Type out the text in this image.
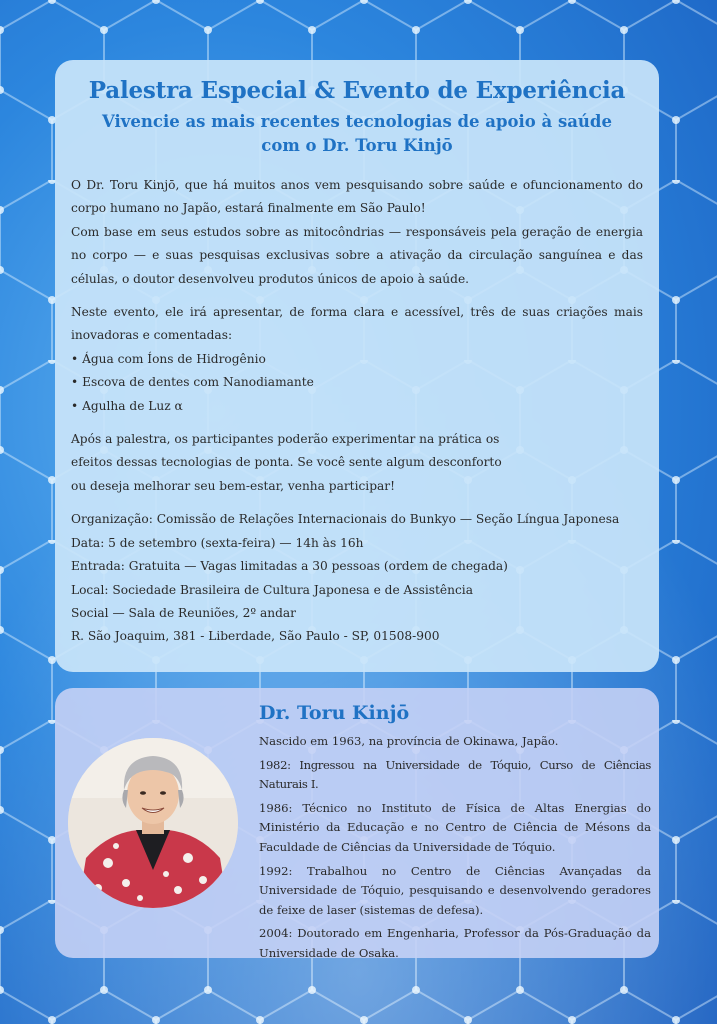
Palestra Especial & Evento de Experiência
Vivencie as mais recentes tecnologias de apoio à saúde
com o Dr. Toru Kinjō

O Dr. Toru Kinjō, que há muitos anos vem pesquisando sobre saúde e ofuncionamento do corpo humano no Japão, estará finalmente em São Paulo!

Com base em seus estudos sobre as mitocôndrias — responsáveis pela geração de energia no corpo — e suas pesquisas exclusivas sobre a ativação da circulação sanguínea e das células, o doutor desenvolveu produtos únicos de apoio à saúde.

Neste evento, ele irá apresentar, de forma clara e acessível, três de suas criações mais inovadoras e comentadas:

• Água com Íons de Hidrogênio

• Escova de dentes com Nanodiamante

• Agulha de Luz α

Após a palestra, os participantes poderão experimentar na prática os

efeitos dessas tecnologias de ponta. Se você sente algum desconforto

ou deseja melhorar seu bem-estar, venha participar!

Organização: Comissão de Relações Internacionais do Bunkyo — Seção Língua Japonesa

Data: 5 de setembro (sexta-feira) — 14h às 16h

Entrada: Gratuita — Vagas limitadas a 30 pessoas (ordem de chegada)

Local: Sociedade Brasileira de Cultura Japonesa e de Assistência

Social — Sala de Reuniões, 2º andar

R. São Joaquim, 381 - Liberdade, São Paulo - SP, 01508-900

Dr. Toru Kinjō

Nascido em 1963, na província de Okinawa, Japão.

1982: Ingressou na Universidade de Tóquio, Curso de Ciências Naturais I.

1986: Técnico no Instituto de Física de Altas Energias do Ministério da Educação e no Centro de Ciência de Mésons da Faculdade de Ciências da Universidade de Tóquio.

1992: Trabalhou no Centro de Ciências Avançadas da Universidade de Tóquio, pesquisando e desenvolvendo geradores de feixe de laser (sistemas de defesa).

2004: Doutorado em Engenharia, Professor da Pós-Graduação da Universidade de Osaka.
